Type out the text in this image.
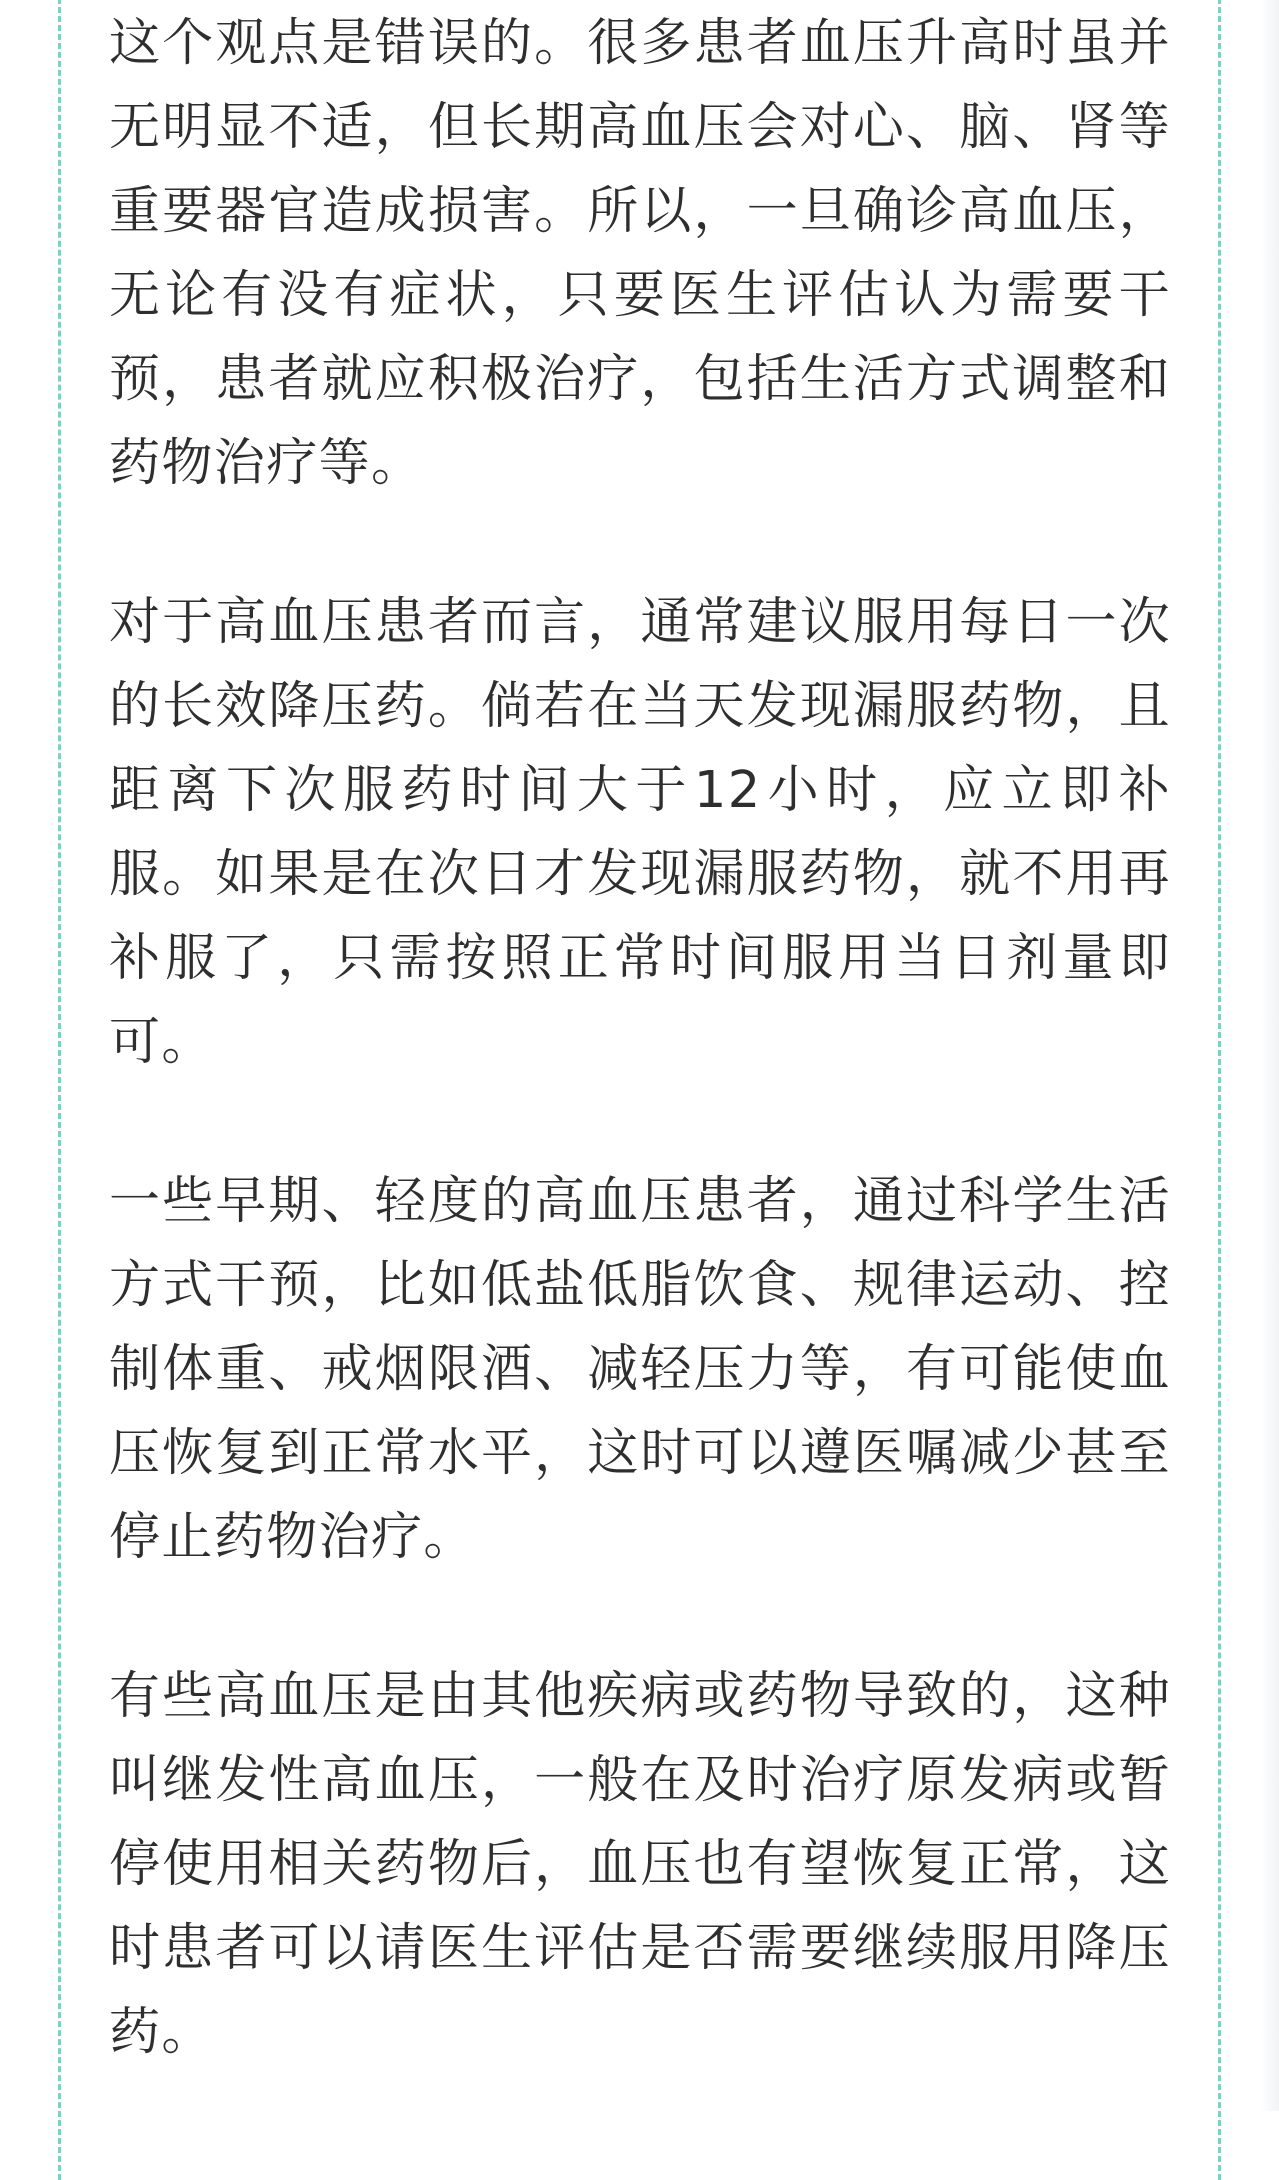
这个观点是错误的。很多患者血压升高时虽并无明显不适，但长期高血压会对心、脑、肾等重要器官造成损害。所以，一旦确诊高血压，无论有没有症状，只要医生评估认为需要干预，患者就应积极治疗，包括生活方式调整和药物治疗等。

对于高血压患者而言，通常建议服用每日一次的长效降压药。倘若在当天发现漏服药物，且距离下次服药时间大于12小时，应立即补服。如果是在次日才发现漏服药物，就不用再补服了，只需按照正常时间服用当日剂量即可。

一些早期、轻度的高血压患者，通过科学生活方式干预，比如低盐低脂饮食、规律运动、控制体重、戒烟限酒、减轻压力等，有可能使血压恢复到正常水平，这时可以遵医嘱减少甚至停止药物治疗。

有些高血压是由其他疾病或药物导致的，这种叫继发性高血压，一般在及时治疗原发病或暂停使用相关药物后，血压也有望恢复正常，这时患者可以请医生评估是否需要继续服用降压药。
